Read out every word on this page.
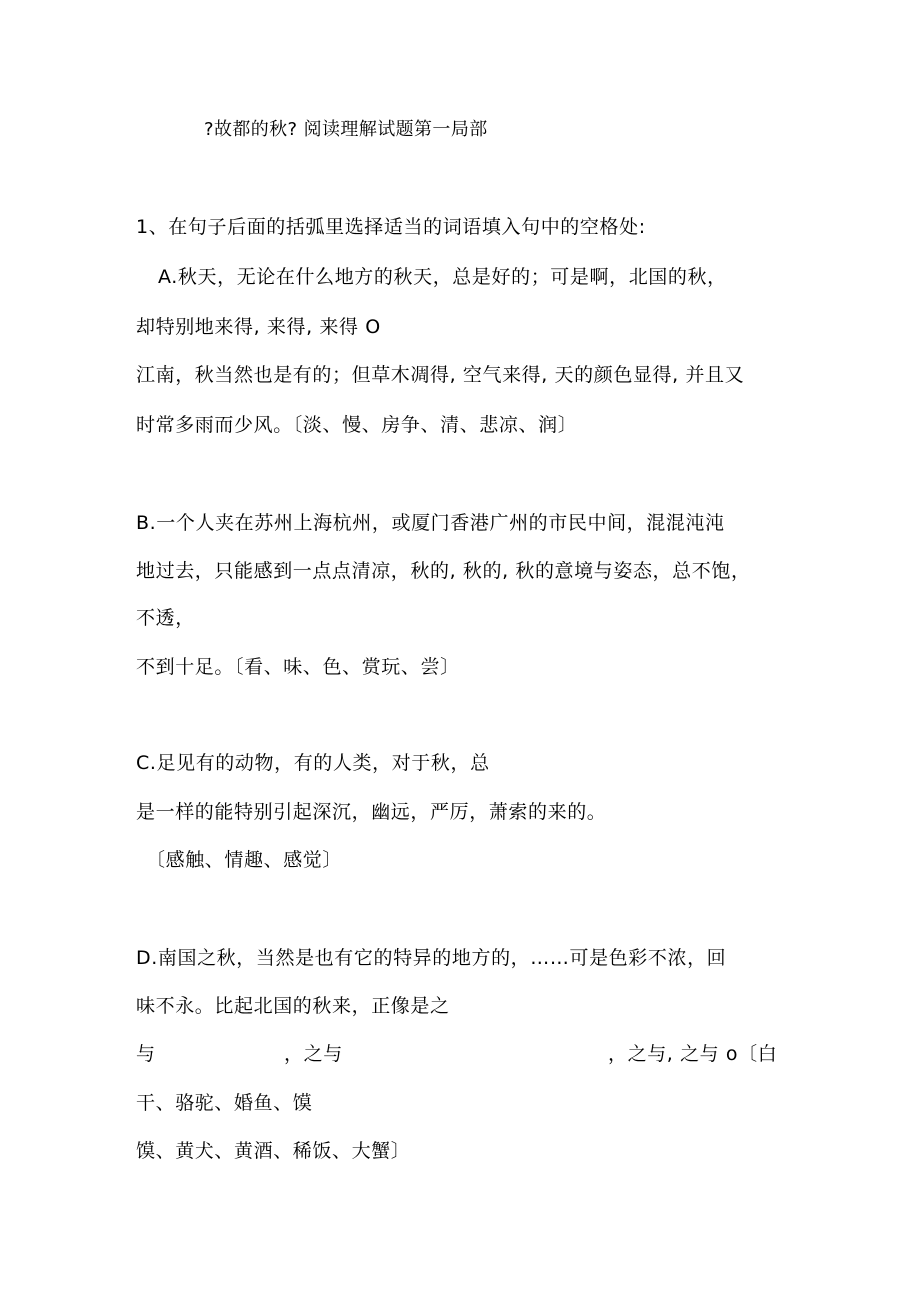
?故都的秋? 阅读理解试题第一局部
1、在句子后面的括弧里选择适当的词语填入句中的空格处:
A.秋天，无论在什么地方的秋天，总是好的；可是啊，北国的秋，
却特别地来得, 来得, 来得 O
江南，秋当然也是有的；但草木凋得, 空气来得, 天的颜色显得, 并且又
时常多雨而少风。〔淡、慢、房争、清、悲凉、润〕
B.一个人夹在苏州上海杭州，或厦门香港广州的市民中间，混混沌沌
地过去，只能感到一点点清凉，秋的, 秋的, 秋的意境与姿态，总不饱，
不透，
不到十足。〔看、味、色、赏玩、尝〕
C.足见有的动物，有的人类，对于秋，总
是一样的能特别引起深沉，幽远，严厉，萧索的来的。
〔感触、情趣、感觉〕
D.南国之秋，当然是也有它的特异的地方的，……可是色彩不浓，回
味不永。比起北国的秋来，正像是之
与	，之与	，之与, 之与 o〔白
干、骆驼、婚鱼、馍
馍、黄犬、黄酒、稀饭、大蟹〕
